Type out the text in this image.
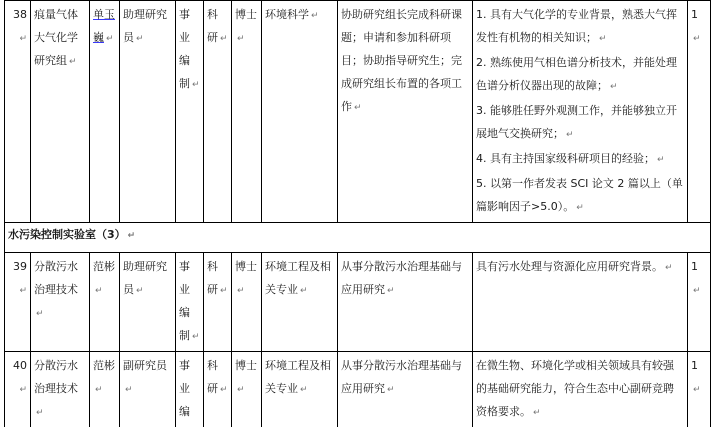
38↵	痕量气体大气化学研究组 ↵	单玉巍 ↵	助理研究员 ↵	事业编制 ↵	科研 ↵	博士↵	环境科学 ↵	协助研究组长完成科研课题；申请和参加科研项目；协助指导研究生；完成研究组长布置的各项工作 ↵	1. 具有大气化学的专业背景，熟悉大气挥发性有机物的相关知识； ↵
2. 熟练使用气相色谱分析技术，并能处理色谱分析仪器出现的故障； ↵
3. 能够胜任野外观测工作，并能够独立开展地气交换研究； ↵
4. 具有主持国家级科研项目的经验； ↵
5. 以第一作者发表 SCI 论文 2 篇以上（单篇影响因子>5.0）。 ↵	1↵
水污染控制实验室（3） ↵										
39↵	分散污水治理技术↵	范彬↵	助理研究员 ↵	事业编制 ↵	科研 ↵	博士↵	环境工程及相关专业 ↵	从事分散污水治理基础与应用研究 ↵	具有污水处理与资源化应用研究背景。 ↵	1↵
40↵	分散污水治理技术↵	范彬↵	副研究员↵	事业编	科研 ↵	博士↵	环境工程及相关专业 ↵	从事分散污水治理基础与应用研究 ↵	在微生物、环境化学或相关领域具有较强的基础研究能力，符合生态中心副研竞聘资格要求。 ↵	1↵
